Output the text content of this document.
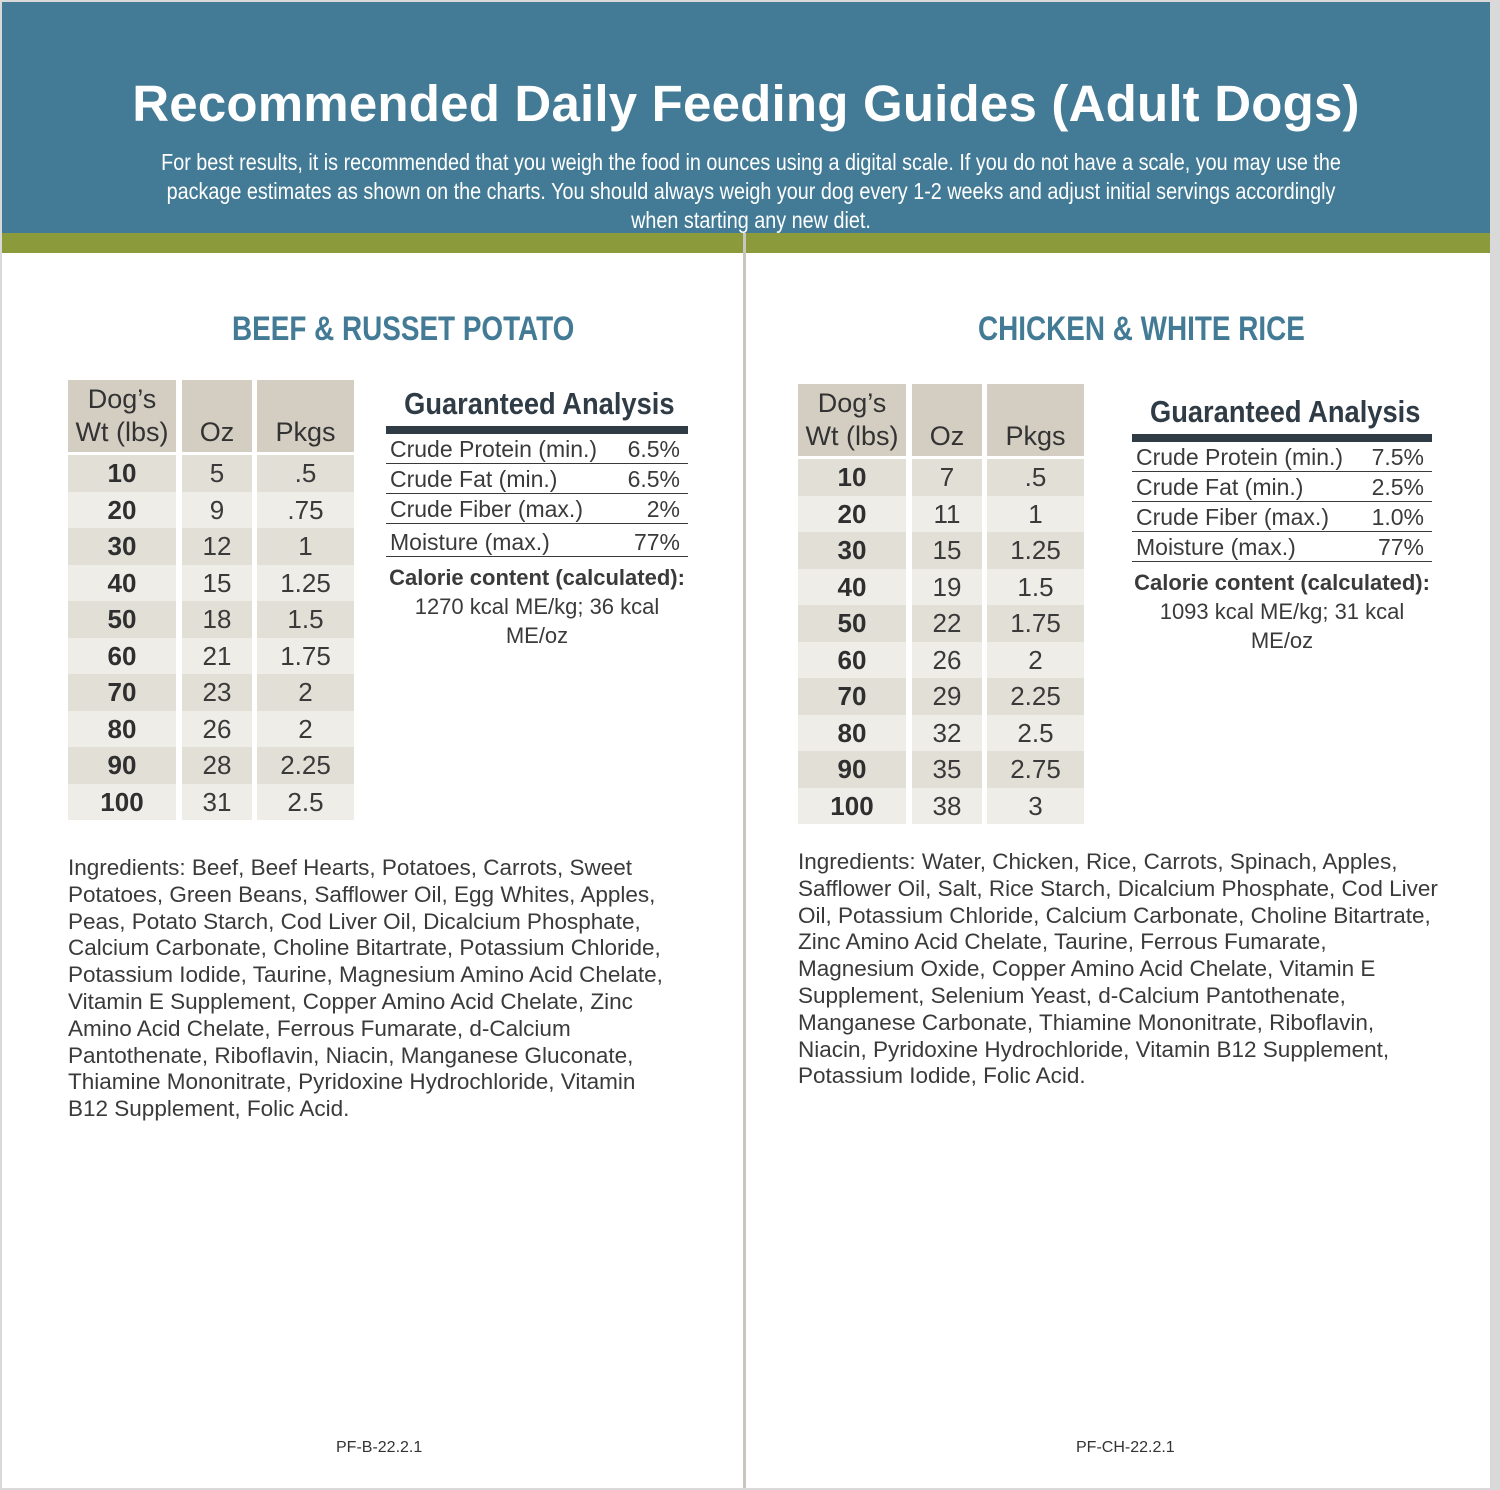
Recommended Daily Feeding Guides (Adult Dogs)

For best results, it is recommended that you weigh the food in ounces using a digital scale. If you do not have a scale, you may use the package estimates as shown on the charts. You should always weigh your dog every 1-2 weeks and adjust initial servings accordingly when starting any new diet.

BEEF & RUSSET POTATO
Dog’s Wt (lbs)	Oz	Pkgs
10	5	.5
20	9	.75
30	12	1
40	15	1.25
50	18	1.5
60	21	1.75
70	23	2
80	26	2
90	28	2.25
100	31	2.5
Guaranteed Analysis
Crude Protein (min.) 6.5%
Crude Fat (min.)	6.5%
Crude Fiber (max.)	2%
Moisture (max.)	77%
Calorie content (calculated):
1270 kcal ME/kg; 36 kcal ME/oz
Ingredients: Beef, Beef Hearts, Potatoes, Carrots, Sweet Potatoes, Green Beans, Safflower Oil, Egg Whites, Apples, Peas, Potato Starch, Cod Liver Oil, Dicalcium Phosphate, Calcium Carbonate, Choline Bitartrate, Potassium Chloride, Potassium Iodide, Taurine, Magnesium Amino Acid Chelate, Vitamin E Supplement, Copper Amino Acid Chelate, Zinc Amino Acid Chelate, Ferrous Fumarate, d-Calcium Pantothenate, Riboflavin, Niacin, Manganese Gluconate, Thiamine Mononitrate, Pyridoxine Hydrochloride, Vitamin B12 Supplement, Folic Acid.
PF-B-22.2.1
CHICKEN & WHITE RICE
Dog’s Wt (lbs)	Oz	Pkgs
10	7	.5
20	11	1
30	15	1.25
40	19	1.5
50	22	1.75
60	26	2
70	29	2.25
80	32	2.5
90	35	2.75
100	38	3
Guaranteed Analysis
Crude Protein (min.) 7.5%
Crude Fat (min.)	2.5%
Crude Fiber (max.) 1.0%
Moisture (max.)	77%
Calorie content (calculated):
1093 kcal ME/kg; 31 kcal ME/oz
Ingredients: Water, Chicken, Rice, Carrots, Spinach, Apples, Safflower Oil, Salt, Rice Starch, Dicalcium Phosphate, Cod Liver Oil, Potassium Chloride, Calcium Carbonate, Choline Bitartrate, Zinc Amino Acid Chelate, Taurine, Ferrous Fumarate, Magnesium Oxide, Copper Amino Acid Chelate, Vitamin E Supplement, Selenium Yeast, d-Calcium Pantothenate, Manganese Carbonate, Thiamine Mononitrate, Riboflavin, Niacin, Pyridoxine Hydrochloride, Vitamin B12 Supplement, Potassium Iodide, Folic Acid.
PF-CH-22.2.1
